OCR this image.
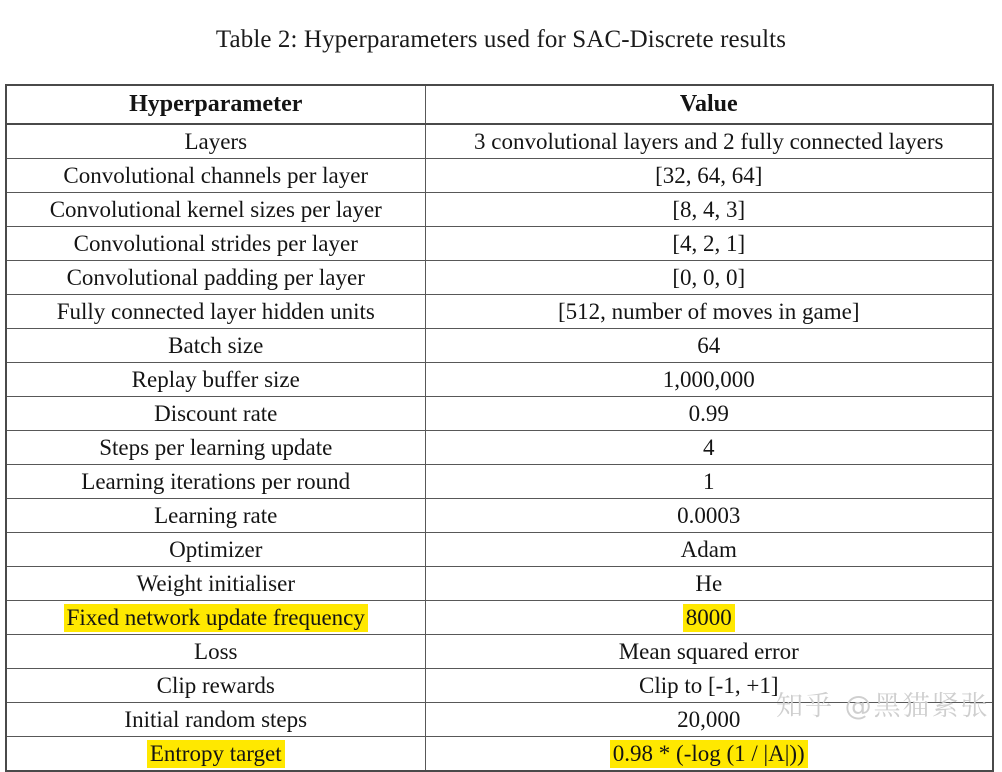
Table 2: Hyperparameters used for SAC-Discrete results
Hyperparameter	Value
Layers	3 convolutional layers and 2 fully connected layers
Convolutional channels per layer	[32, 64, 64]
Convolutional kernel sizes per layer	[8, 4, 3]
Convolutional strides per layer	[4, 2, 1]
Convolutional padding per layer	[0, 0, 0]
Fully connected layer hidden units	[512, number of moves in game]
Batch size	64
Replay buffer size	1,000,000
Discount rate	0.99
Steps per learning update	4
Learning iterations per round	1
Learning rate	0.0003
Optimizer	Adam
Weight initialiser	He
Fixed network update frequency	8000
Loss	Mean squared error
Clip rewards	Clip to [-1, +1]
Initial random steps	20,000
Entropy target	0.98 * (-log (1 / |A|))
知乎 @黑猫紧张
